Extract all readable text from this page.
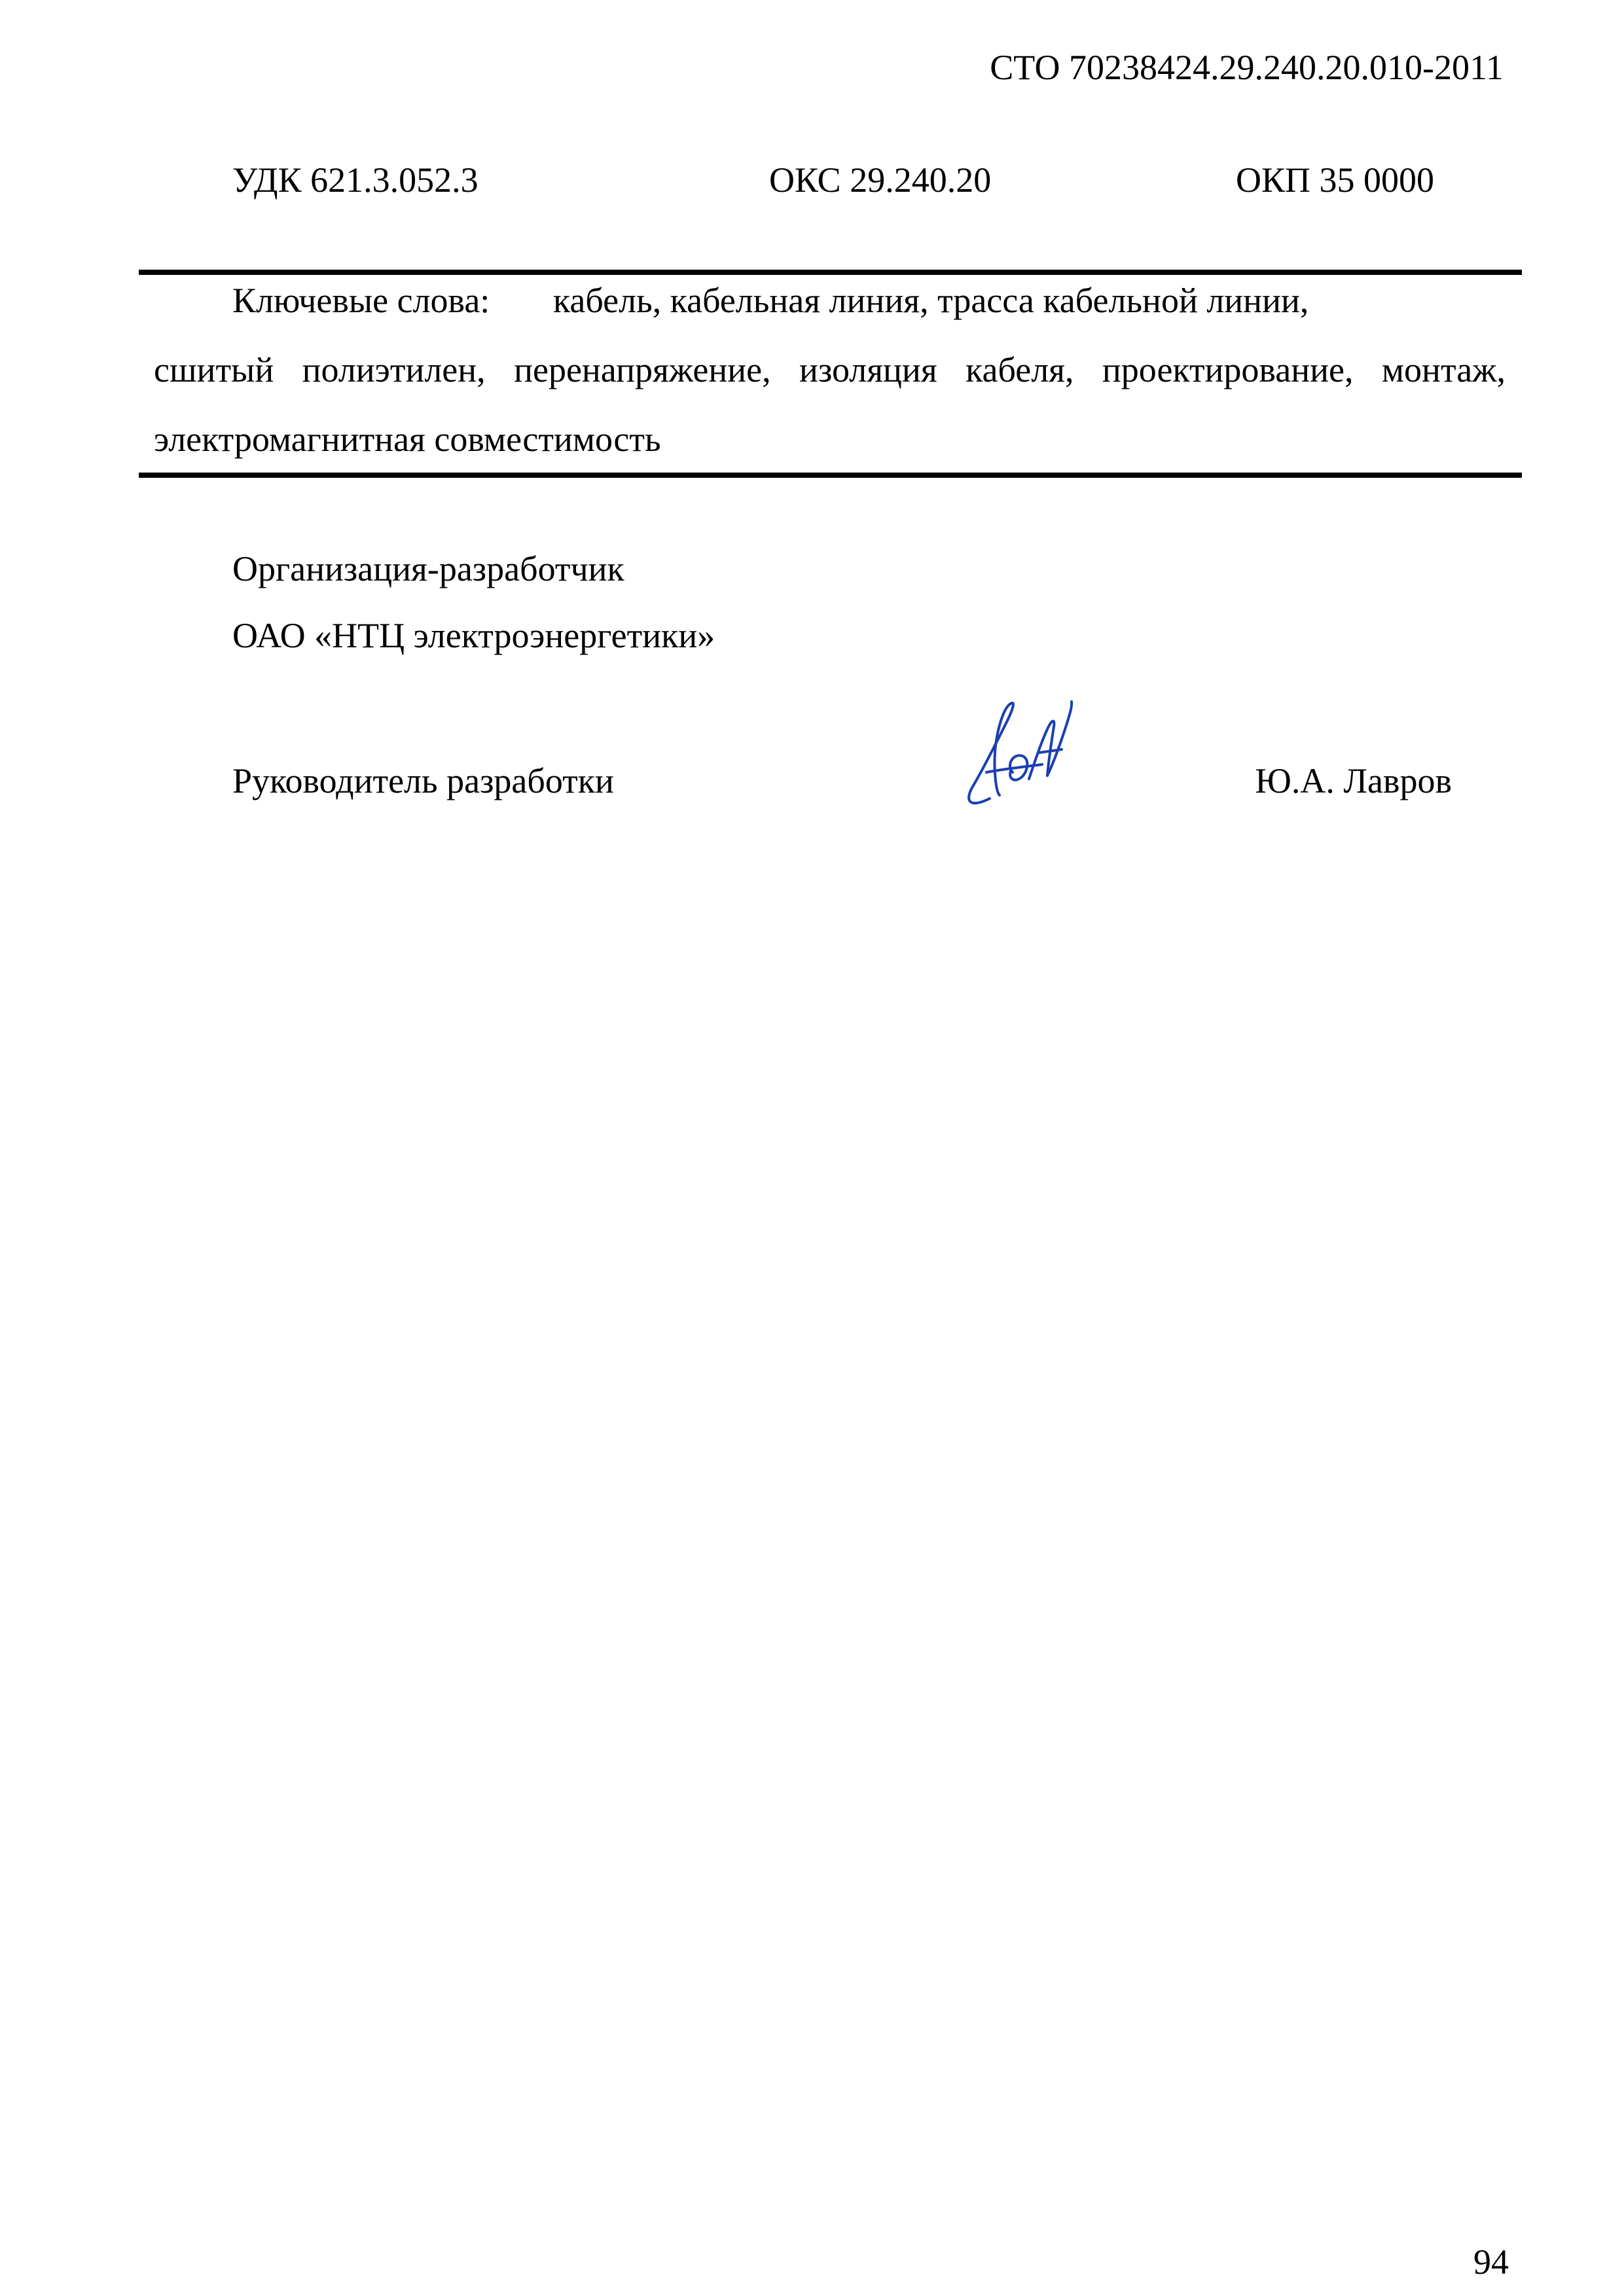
СТО 70238424.29.240.20.010-2011
УДК 621.3.052.3	ОКС 29.240.20	ОКП 35 0000
Ключевые слова: кабель, кабельная линия, трасса кабельной линии,
сшитый полиэтилен, перенапряжение, изоляция кабеля, проектирование, монтаж,
электромагнитная совместимость
Организация-разработчик
ОАО «НТЦ электроэнергетики»
Руководитель разработки	Ю.А. Лавров
94
